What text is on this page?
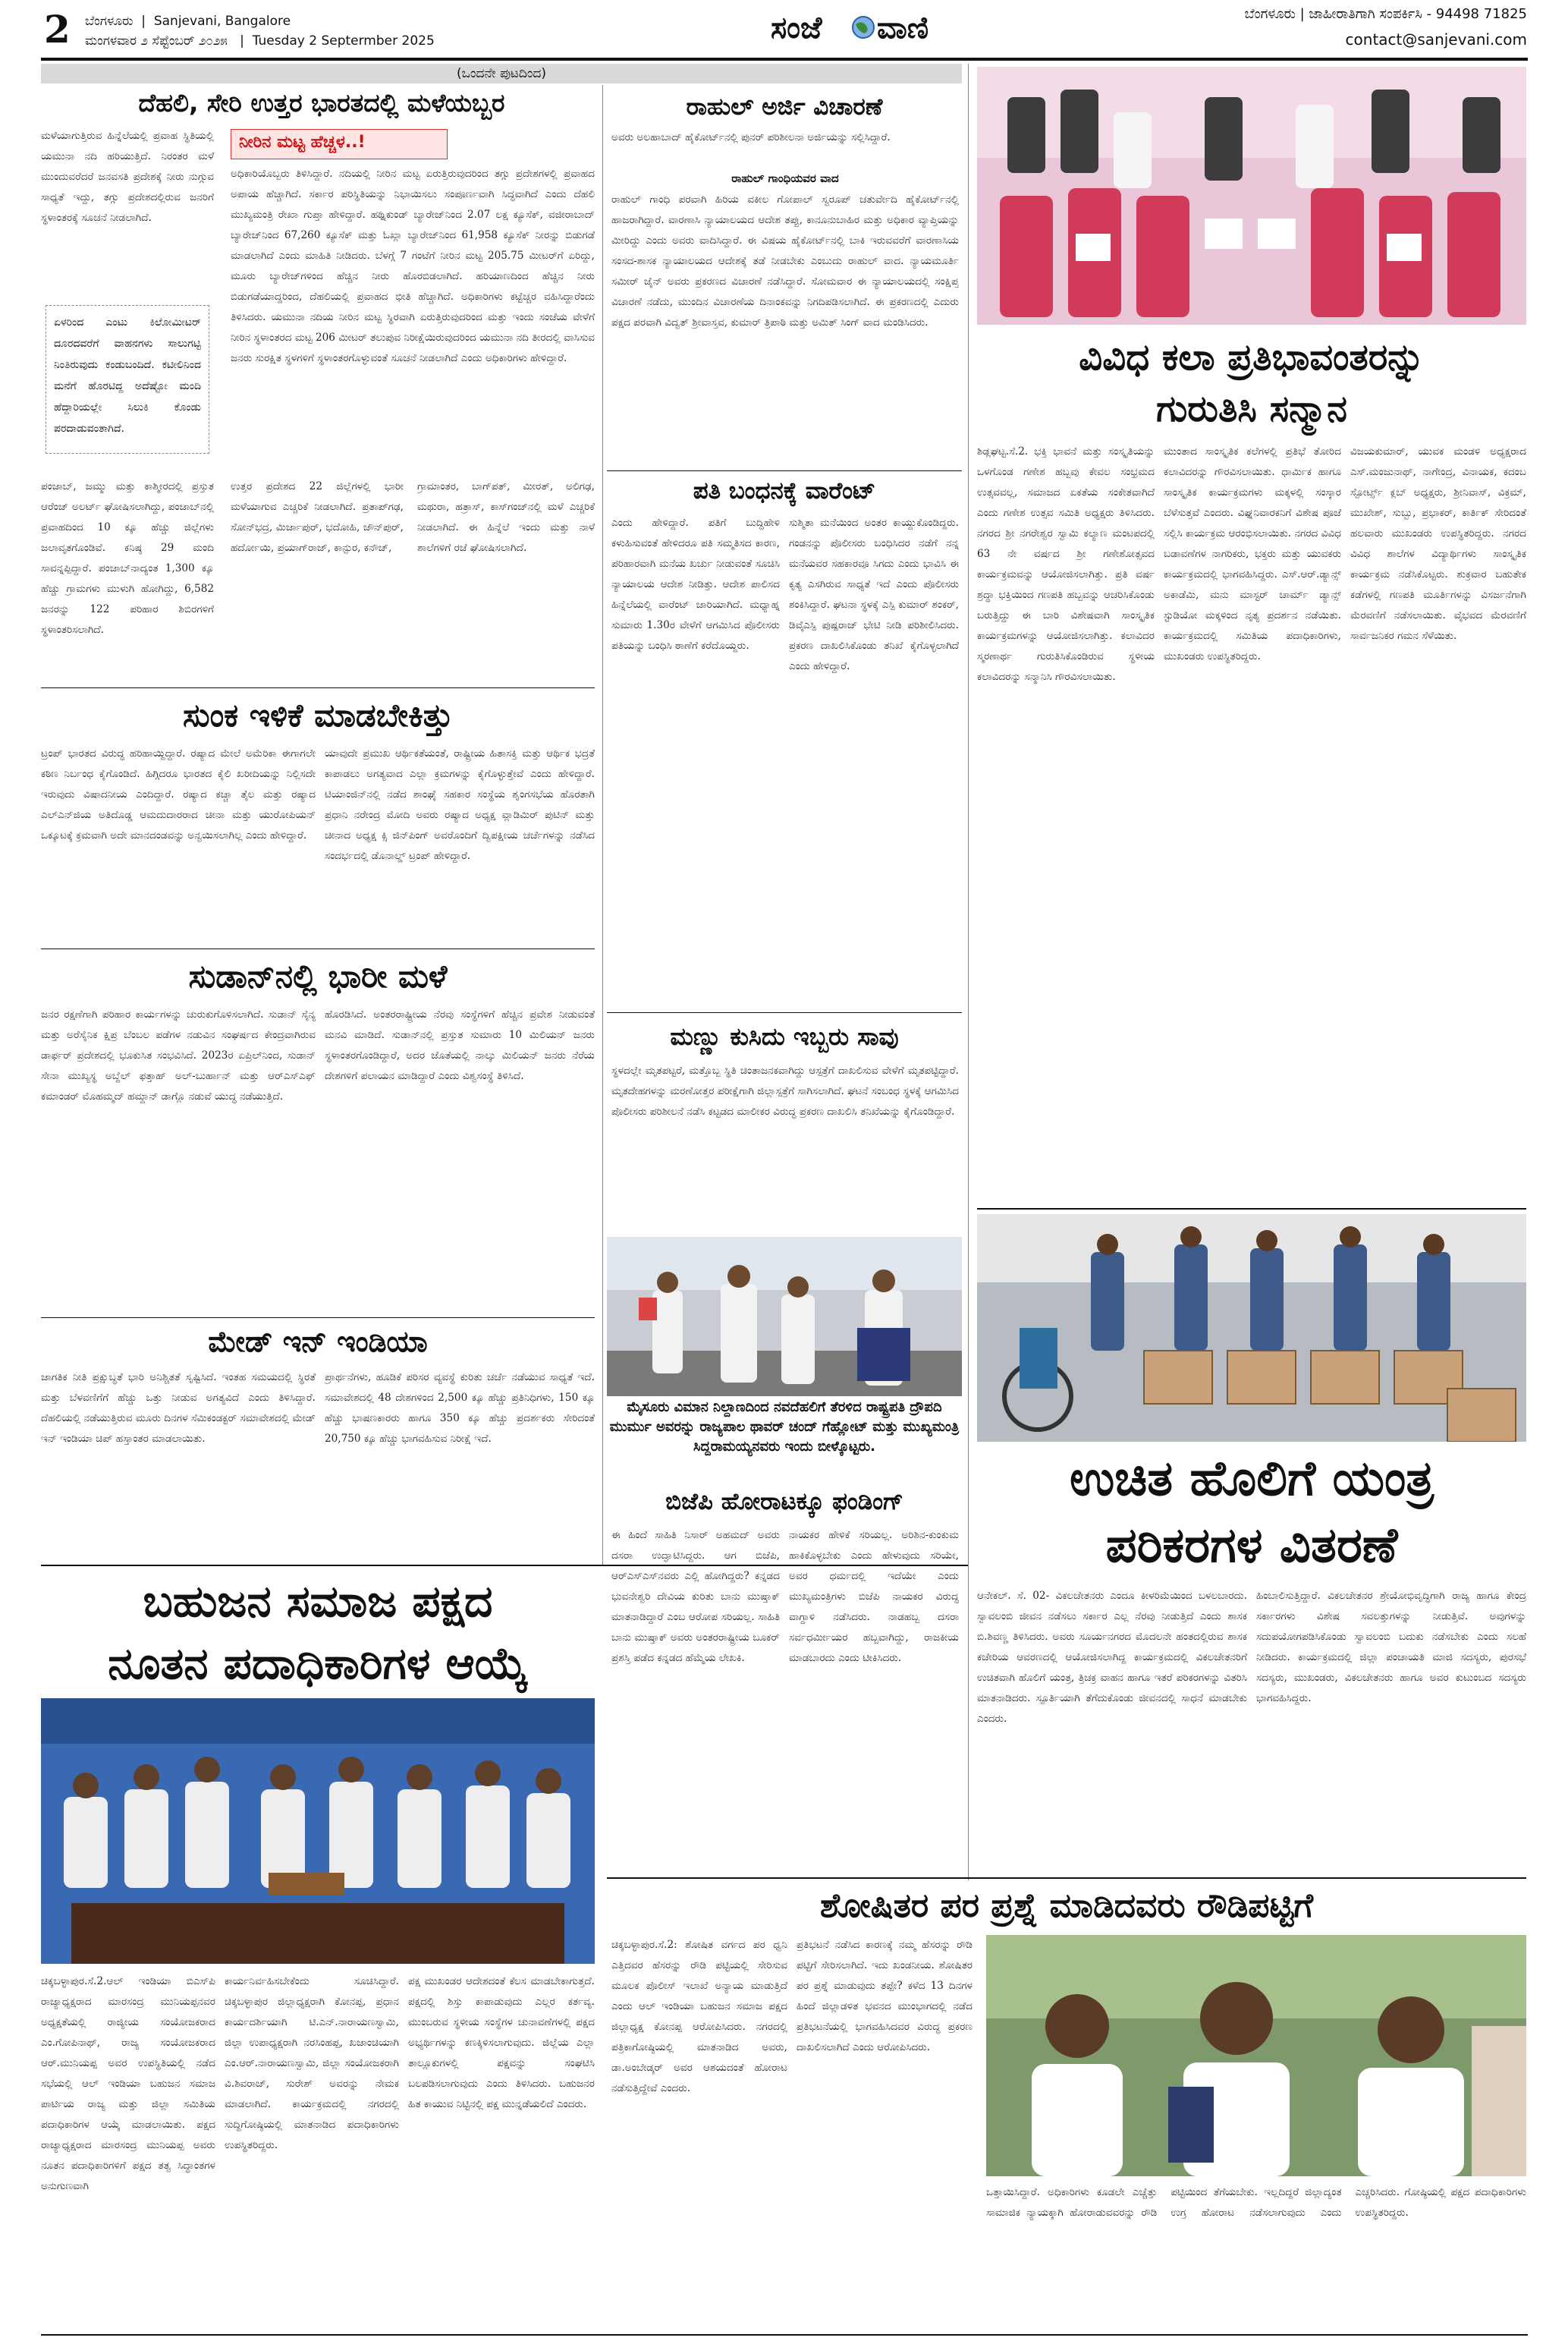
2 ಬೆಂಗಳೂರು  |  Sanjevani, Bangalore
ಮಂಗಳವಾರ ೨ ಸೆಪ್ಟೆಂಬರ್ ೨೦೨೫   |  Tuesday 2 Septermber 2025	ಸಂಜೆ ವಾಣಿ	ಬೆಂಗಳೂರು | ಜಾಹೀರಾತಿಗಾಗಿ ಸಂಪರ್ಕಿಸಿ - 94498 71825
contact@sanjevani.com
(ಒಂದನೇ ಪುಟದಿಂದ)
ದೆಹಲಿ, ಸೇರಿ ಉತ್ತರ ಭಾರತದಲ್ಲಿ ಮಳೆಯಬ್ಬರ
ಮಳೆಯಾಗುತ್ತಿರುವ ಹಿನ್ನೆಲೆಯಲ್ಲಿ ಪ್ರವಾಹ ಸ್ಥಿತಿಯಲ್ಲಿ ಯಮುನಾ ನದಿ ಹರಿಯುತ್ತಿದೆ. ನಿರಂತರ ಮಳೆ ಮುಂದುವರೆದರೆ ಜನವಸತಿ ಪ್ರದೇಶಕ್ಕೆ ನೀರು ನುಗ್ಗುವ ಸಾಧ್ಯತೆ ಇದ್ದು, ತಗ್ಗು ಪ್ರದೇಶದಲ್ಲಿರುವ ಜನರಿಗೆ ಸ್ಥಳಾಂತರಕ್ಕೆ ಸೂಚನೆ ನೀಡಲಾಗಿದೆ.
ಏಳರಿಂದ ಎಂಟು ಕಿಲೋಮೀಟರ್ ದೂರದವರೆಗೆ ವಾಹನಗಳು ಸಾಲುಗಟ್ಟಿ ನಿಂತಿರುವುದು ಕಂಡುಬಂದಿದೆ. ಕಟೀಲಿನಿಂದ ಮನೆಗೆ ಹೊರಟಿದ್ದ ಅದೆಷ್ಟೋ ಮಂದಿ ಹೆದ್ದಾರಿಯಲ್ಲೇ ಸಿಲುಕಿ ಕೊಂಡು ಪರದಾಡುವಂತಾಗಿದೆ.
ನೀರಿನ ಮಟ್ಟ ಹೆಚ್ಚಳ..!
ಅಧಿಕಾರಿಯೊಬ್ಬರು ತಿಳಿಸಿದ್ದಾರೆ. ನದಿಯಲ್ಲಿ ನೀರಿನ ಮಟ್ಟ ಏರುತ್ತಿರುವುದರಿಂದ ತಗ್ಗು ಪ್ರದೇಶಗಳಲ್ಲಿ ಪ್ರವಾಹದ ಅಪಾಯ ಹೆಚ್ಚಾಗಿದೆ. ಸರ್ಕಾರ ಪರಿಸ್ಥಿತಿಯನ್ನು ನಿಭಾಯಿಸಲು ಸಂಪೂರ್ಣವಾಗಿ ಸಿದ್ಧವಾಗಿದೆ ಎಂದು ದೆಹಲಿ ಮುಖ್ಯಮಂತ್ರಿ ರೇಖಾ ಗುಪ್ತಾ ಹೇಳಿದ್ದಾರೆ. ಹಥ್ನಿಕುಂಡ್ ಬ್ಯಾರೇಜ್‌ನಿಂದ 2.07 ಲಕ್ಷ ಕ್ಯೂಸೆಕ್, ವಜೀರಾಬಾದ್ ಬ್ಯಾರೇಜ್‌ನಿಂದ 67,260 ಕ್ಯೂಸೆಕ್ ಮತ್ತು ಓಖ್ಲಾ ಬ್ಯಾರೇಜ್‌ನಿಂದ 61,958 ಕ್ಯೂಸೆಕ್ ನೀರನ್ನು ಬಿಡುಗಡೆ ಮಾಡಲಾಗಿದೆ ಎಂದು ಮಾಹಿತಿ ನೀಡಿದರು. ಬೆಳಗ್ಗೆ 7 ಗಂಟೆಗೆ ನೀರಿನ ಮಟ್ಟ 205.75 ಮೀಟರ್‌ಗೆ ಏರಿದ್ದು, ಮೂರು ಬ್ಯಾರೇಜ್‌ಗಳಿಂದ ಹೆಚ್ಚಿನ ನೀರು ಹೊರಬಿಡಲಾಗಿದೆ. ಹರಿಯಾಣದಿಂದ ಹೆಚ್ಚಿನ ನೀರು ಬಿಡುಗಡೆಯಾದ್ದರಿಂದ, ದೆಹಲಿಯಲ್ಲಿ ಪ್ರವಾಹದ ಭೀತಿ ಹೆಚ್ಚಾಗಿದೆ. ಅಧಿಕಾರಿಗಳು ಕಟ್ಟೆಚ್ಚರ ವಹಿಸಿದ್ದಾರೆಂದು ತಿಳಿಸಿದರು. ಯಮುನಾ ನದಿಯ ನೀರಿನ ಮಟ್ಟ ಸ್ಥಿರವಾಗಿ ಏರುತ್ತಿರುವುದರಿಂದ ಮತ್ತು ಇಂದು ಸಂಜೆಯ ವೇಳೆಗೆ ನೀರಿನ ಸ್ಥಳಾಂತರದ ಮಟ್ಟ 206 ಮೀಟರ್ ತಲುಪುವ ನಿರೀಕ್ಷೆಯಿರುವುದರಿಂದ ಯಮುನಾ ನದಿ ತೀರದಲ್ಲಿ ವಾಸಿಸುವ ಜನರು ಸುರಕ್ಷಿತ ಸ್ಥಳಗಳಿಗೆ ಸ್ಥಳಾಂತರಗೊಳ್ಳುವಂತೆ ಸೂಚನೆ ನೀಡಲಾಗಿದೆ ಎಂದು ಅಧಿಕಾರಿಗಳು ಹೇಳಿದ್ದಾರೆ.
ಪಂಜಾಬ್, ಜಮ್ಮು ಮತ್ತು ಕಾಶ್ಮೀರದಲ್ಲಿ ಪ್ರಸ್ತುತ ಆರೆಂಜ್ ಅಲರ್ಟ್ ಘೋಷಿಸಲಾಗಿದ್ದು, ಪಂಜಾಬ್‌ನಲ್ಲಿ ಪ್ರವಾಹದಿಂದ 10 ಕ್ಕೂ ಹೆಚ್ಚು ಜಿಲ್ಲೆಗಳು ಜಲಾವೃತಗೊಂಡಿವೆ. ಕನಿಷ್ಠ 29 ಮಂದಿ ಸಾವನ್ನಪ್ಪಿದ್ದಾರೆ. ಪಂಜಾಬ್‌ನಾದ್ಯಂತ 1,300 ಕ್ಕೂ ಹೆಚ್ಚು ಗ್ರಾಮಗಳು ಮುಳುಗಿ ಹೋಗಿದ್ದು, 6,582 ಜನರನ್ನು 122 ಪರಿಹಾರ ಶಿಬಿರಗಳಿಗೆ ಸ್ಥಳಾಂತರಿಸಲಾಗಿದೆ.
ಉತ್ತರ ಪ್ರದೇಶದ 22 ಜಿಲ್ಲೆಗಳಲ್ಲಿ ಭಾರೀ ಮಳೆಯಾಗುವ ಎಚ್ಚರಿಕೆ ನೀಡಲಾಗಿದೆ. ಪ್ರತಾಪ್‌ಗಢ, ಸೋನ್‌ಭದ್ರ, ಮಿರ್ಜಾಪುರ್, ಭದೋಹಿ, ಜೌನ್‌ಪುರ್, ಹರ್ದೋಯಿ, ಪ್ರಯಾಗ್‌ರಾಜ್, ಕಾನ್ಪುರ, ಕನೌಜ್,
ಗ್ರಾಮಾಂತರ, ಬಾಗ್‌ಪತ್, ಮೀರತ್, ಅಲಿಗಢ, ಮಥುರಾ, ಹತ್ರಾಸ್, ಕಾಸ್‌ಗಂಜ್‌ನಲ್ಲಿ ಮಳೆ ಎಚ್ಚರಿಕೆ ನೀಡಲಾಗಿದೆ. ಈ ಹಿನ್ನೆಲೆ ಇಂದು ಮತ್ತು ನಾಳೆ ಶಾಲೆಗಳಿಗೆ ರಜೆ ಘೋಷಿಸಲಾಗಿದೆ.
ರಾಹುಲ್ ಅರ್ಜಿ ವಿಚಾರಣೆ
ಅವರು ಅಲಹಾಬಾದ್ ಹೈಕೋರ್ಟ್‌ನಲ್ಲಿ ಪುನರ್ ಪರಿಶೀಲನಾ ಅರ್ಜಿಯನ್ನು ಸಲ್ಲಿಸಿದ್ದಾರೆ.
ರಾಹುಲ್ ಗಾಂಧಿಯವರ ವಾದ
ರಾಹುಲ್ ಗಾಂಧಿ ಪರವಾಗಿ ಹಿರಿಯ ವಕೀಲ ಗೋಪಾಲ್ ಸ್ವರೂಪ್ ಚತುರ್ವೇದಿ ಹೈಕೋರ್ಟ್‌ನಲ್ಲಿ ಹಾಜರಾಗಿದ್ದಾರೆ. ವಾರಣಾಸಿ ನ್ಯಾಯಾಲಯದ ಆದೇಶ ತಪ್ಪು, ಕಾನೂನುಬಾಹಿರ ಮತ್ತು ಅಧಿಕಾರ ವ್ಯಾಪ್ತಿಯನ್ನು ಮೀರಿದ್ದು ಎಂದು ಅವರು ವಾದಿಸಿದ್ದಾರೆ. ಈ ವಿಷಯ ಹೈಕೋರ್ಟ್‌ನಲ್ಲಿ ಬಾಕಿ ಇರುವವರೆಗೆ ವಾರಣಾಸಿಯ ಸಂಸದ-ಶಾಸಕ ನ್ಯಾಯಾಲಯದ ಆದೇಶಕ್ಕೆ ತಡೆ ನೀಡಬೇಕು ಎಂಬುದು ರಾಹುಲ್ ವಾದ. ನ್ಯಾಯಮೂರ್ತಿ ಸಮೀರ್ ಜೈನ್ ಅವರು ಪ್ರಕರಣದ ವಿಚಾರಣೆ ನಡೆಸಿದ್ದಾರೆ. ಸೋಮವಾರ ಈ ನ್ಯಾಯಾಲಯದಲ್ಲಿ ಸಂಕ್ಷಿಪ್ತ ವಿಚಾರಣೆ ನಡೆದು, ಮುಂದಿನ ವಿಚಾರಣೆಯ ದಿನಾಂಕವನ್ನು ನಿಗದಿಪಡಿಸಲಾಗಿದೆ. ಈ ಪ್ರಕರಣದಲ್ಲಿ ಎದುರು ಪಕ್ಷದ ಪರವಾಗಿ ವಿದ್ವತ್ ಶ್ರೀವಾಸ್ತವ, ಕುಮಾರ್ ತ್ರಿಪಾಠಿ ಮತ್ತು ಅಮಿತ್ ಸಿಂಗ್ ವಾದ ಮಂಡಿಸಿದರು.
ಪತಿ ಬಂಧನಕ್ಕೆ ವಾರೆಂಟ್
ಎಂದು ಹೇಳಿದ್ದಾರೆ. ಪತಿಗೆ ಬುದ್ಧಿಹೇಳಿ ಕಳುಹಿಸುವಂತೆ ಹೇಳಿದರೂ ಪತಿ ಸಮ್ಮತಿಸದ ಕಾರಣ, ಪರಿಹಾರವಾಗಿ ಮನೆಯ ಖರ್ಚು ನೀಡುವಂತೆ ಸೂಚಿಸಿ ನ್ಯಾಯಾಲಯ ಆದೇಶ ನೀಡಿತ್ತು. ಆದೇಶ ಪಾಲಿಸದ ಹಿನ್ನೆಲೆಯಲ್ಲಿ ವಾರೆಂಟ್ ಜಾರಿಯಾಗಿದೆ. ಮಧ್ಯಾಹ್ನ ಸುಮಾರು 1.30ರ ವೇಳೆಗೆ ಆಗಮಿಸಿದ ಪೊಲೀಸರು ಪತಿಯನ್ನು ಬಂಧಿಸಿ ಠಾಣೆಗೆ ಕರೆದೊಯ್ದರು.
ಸುಶ್ಮಿತಾ ಮನೆಯಿಂದ ಅಂತರ ಕಾಯ್ದುಕೊಂಡಿದ್ದರು. ಗಂಡನನ್ನು ಪೊಲೀಸರು ಬಂಧಿಸಿದರ ನಡೆಗೆ ನನ್ನ ಮನೆಯವರ ಸಹಕಾರವೂ ಸಿಗದು ಎಂದು ಭಾವಿಸಿ ಈ ಕೃತ್ಯ ಎಸಗಿರುವ ಸಾಧ್ಯತೆ ಇದೆ ಎಂದು ಪೊಲೀಸರು ಶಂಕಿಸಿದ್ದಾರೆ. ಘಟನಾ ಸ್ಥಳಕ್ಕೆ ಎಸ್ಪಿ ಕುಮಾರ್ ಶಂಕರ್, ಡಿವೈಎಸ್ಪಿ ಪುಷ್ಪರಾಜ್ ಭೇಟಿ ನೀಡಿ ಪರಿಶೀಲಿಸಿದರು. ಪ್ರಕರಣ ದಾಖಲಿಸಿಕೊಂಡು ತನಿಖೆ ಕೈಗೊಳ್ಳಲಾಗಿದೆ ಎಂದು ಹೇಳಿದ್ದಾರೆ.
ಸುಂಕ ಇಳಿಕೆ ಮಾಡಬೇಕಿತ್ತು
ಟ್ರಂಪ್ ಭಾರತದ ವಿರುದ್ಧ ಹರಿಹಾಯ್ದಿದ್ದಾರೆ. ರಷ್ಯಾದ ಮೇಲೆ ಅಮೆರಿಕಾ ಈಗಾಗಲೇ ಕಠಿಣ ನಿರ್ಬಂಧ ಕೈಗೊಂಡಿದೆ. ಹಿಗ್ಗಿದರೂ ಭಾರತದ ಕೈಲಿ ಖರೀದಿಯನ್ನು ನಿಲ್ಲಿಸದೇ ಇರುವುದು ವಿಷಾದನೀಯ ಎಂದಿದ್ದಾರೆ. ರಷ್ಯಾದ ಕಚ್ಚಾ ತೈಲ ಮತ್ತು ರಷ್ಯಾದ ಎಲ್‌ಎನ್‌ಜಿಯ ಅತಿದೊಡ್ಡ ಆಮದುದಾರರಾದ ಚೀನಾ ಮತ್ತು ಯುರೋಪಿಯನ್ ಒಕ್ಕೂಟಕ್ಕೆ ಕ್ರಮವಾಗಿ ಅದೇ ಮಾನದಂಡವನ್ನು ಅನ್ವಯಿಸಲಾಗಿಲ್ಲ ಎಂದು ಹೇಳಿದ್ದಾರೆ.
ಯಾವುದೇ ಪ್ರಮುಖ ಆರ್ಥಿಕತೆಯಂತೆ, ರಾಷ್ಟ್ರೀಯ ಹಿತಾಸಕ್ತಿ ಮತ್ತು ಆರ್ಥಿಕ ಭದ್ರತೆ ಕಾಪಾಡಲು ಅಗತ್ಯವಾದ ಎಲ್ಲಾ ಕ್ರಮಗಳನ್ನು ಕೈಗೊಳ್ಳುತ್ತೇವೆ ಎಂದು ಹೇಳಿದ್ದಾರೆ. ಟಿಯಾಂಜಿನ್‌ನಲ್ಲಿ ನಡೆದ ಶಾಂಘೈ ಸಹಕಾರ ಸಂಸ್ಥೆಯ ಶೃಂಗಸಭೆಯ ಹೊರತಾಗಿ ಪ್ರಧಾನಿ ನರೇಂದ್ರ ಮೋದಿ ಅವರು ರಷ್ಯಾದ ಅಧ್ಯಕ್ಷ ವ್ಲಾಡಿಮಿರ್ ಪುಟಿನ್ ಮತ್ತು ಚೀನಾದ ಅಧ್ಯಕ್ಷ ಕ್ಸಿ ಜಿನ್‌ಪಿಂಗ್ ಅವರೊಂದಿಗೆ ದ್ವಿಪಕ್ಷೀಯ ಚರ್ಚೆಗಳನ್ನು ನಡೆಸಿದ ಸಂದರ್ಭದಲ್ಲಿ ಡೊನಾಲ್ಡ್ ಟ್ರಂಪ್ ಹೇಳಿದ್ದಾರೆ.
ಸುಡಾನ್‌ನಲ್ಲಿ ಭಾರೀ ಮಳೆ
ಜನರ ರಕ್ಷಣೆಗಾಗಿ ಪರಿಹಾರ ಕಾರ್ಯಗಳನ್ನು ಚುರುಕುಗೊಳಿಸಲಾಗಿದೆ. ಸುಡಾನ್ ಸೈನ್ಯ ಮತ್ತು ಅರೆಸೈನಿಕ ಕ್ಷಿಪ್ರ ಬೆಂಬಲ ಪಡೆಗಳ ನಡುವಿನ ಸಂಘರ್ಷದ ಕೇಂದ್ರವಾಗಿರುವ ಡಾರ್ಫರ್ ಪ್ರದೇಶದಲ್ಲಿ ಭೂಕುಸಿತ ಸಂಭವಿಸಿದೆ. 2023ರ ಏಪ್ರಿಲ್‌ನಿಂದ, ಸುಡಾನ್ ಸೇನಾ ಮುಖ್ಯಸ್ಥ ಅಬ್ದೆಲ್ ಫತ್ತಾಹ್ ಅಲ್-ಬುರ್ಹಾನ್ ಮತ್ತು ಆರ್‌ಎಸ್‌ಎಫ್ ಕಮಾಂಡರ್ ಮೊಹಮ್ಮದ್ ಹಮ್ದಾನ್ ಡಾಗ್ಲೊ ನಡುವೆ ಯುದ್ಧ ನಡೆಯುತ್ತಿದೆ.
ಹೊರಡಿಸಿದೆ. ಅಂತರರಾಷ್ಟ್ರೀಯ ನೆರವು ಸಂಸ್ಥೆಗಳಿಗೆ ಹೆಚ್ಚಿನ ಪ್ರವೇಶ ನೀಡುವಂತೆ ಮನವಿ ಮಾಡಿದೆ. ಸುಡಾನ್‌ನಲ್ಲಿ ಪ್ರಸ್ತುತ ಸುಮಾರು 10 ಮಿಲಿಯನ್ ಜನರು ಸ್ಥಳಾಂತರಗೊಂಡಿದ್ದಾರೆ, ಅದರ ಜೊತೆಯಲ್ಲಿ ನಾಲ್ಕು ಮಿಲಿಯನ್ ಜನರು ನೆರೆಯ ದೇಶಗಳಿಗೆ ಪಲಾಯನ ಮಾಡಿದ್ದಾರೆ ಎಂದು ವಿಶ್ವಸಂಸ್ಥೆ ತಿಳಿಸಿದೆ.
ಮೇಡ್ ಇನ್ ಇಂಡಿಯಾ
ಜಾಗತಿಕ ನೀತಿ ಪ್ರಕ್ಷುಬ್ಧತೆ ಭಾರಿ ಅನಿಶ್ಚಿತತೆ ಸೃಷ್ಟಿಸಿದೆ. ಇಂತಹ ಸಮಯದಲ್ಲಿ ಸ್ಥಿರತೆ ಮತ್ತು ಬೆಳವಣಿಗೆಗೆ ಹೆಚ್ಚು ಒತ್ತು ನೀಡುವ ಅಗತ್ಯವಿದೆ ಎಂದು ತಿಳಿಸಿದ್ದಾರೆ. ದೆಹಲಿಯಲ್ಲಿ ನಡೆಯುತ್ತಿರುವ ಮೂರು ದಿನಗಳ ಸೆಮಿಕಂಡಕ್ಟರ್ ಸಮಾವೇಶದಲ್ಲಿ ಮೇಡ್ ಇನ್ ಇಂಡಿಯಾ ಚಿಪ್ ಹಸ್ತಾಂತರ ಮಾಡಲಾಯಿತು.
ಪ್ರಾರ್ಥನೆಗಳು, ಹೂಡಿಕೆ ಪರಿಸರ ವ್ಯವಸ್ಥೆ ಕುರಿತು ಚರ್ಚೆ ನಡೆಯುವ ಸಾಧ್ಯತೆ ಇದೆ. ಸಮಾವೇಶದಲ್ಲಿ 48 ದೇಶಗಳಿಂದ 2,500 ಕ್ಕೂ ಹೆಚ್ಚು ಪ್ರತಿನಿಧಿಗಳು, 150 ಕ್ಕೂ ಹೆಚ್ಚು ಭಾಷಣಕಾರರು ಹಾಗೂ 350 ಕ್ಕೂ ಹೆಚ್ಚು ಪ್ರದರ್ಶಕರು ಸೇರಿದಂತೆ 20,750 ಕ್ಕೂ ಹೆಚ್ಚು ಭಾಗವಹಿಸುವ ನಿರೀಕ್ಷೆ ಇದೆ.
ಮಣ್ಣು ಕುಸಿದು ಇಬ್ಬರು ಸಾವು
ಸ್ಥಳದಲ್ಲೇ ಮೃತಪಟ್ಟರೆ, ಮತ್ತೊಬ್ಬ ಸ್ಥಿತಿ ಚಿಂತಾಜನಕವಾಗಿದ್ದು ಆಸ್ಪತ್ರೆಗೆ ದಾಖಲಿಸುವ ವೇಳೆಗೆ ಮೃತಪಟ್ಟಿದ್ದಾರೆ. ಮೃತದೇಹಗಳನ್ನು ಮರಣೋತ್ತರ ಪರೀಕ್ಷೆಗಾಗಿ ಜಿಲ್ಲಾಸ್ಪತ್ರೆಗೆ ಸಾಗಿಸಲಾಗಿದೆ. ಘಟನೆ ಸಂಬಂಧ ಸ್ಥಳಕ್ಕೆ ಆಗಮಿಸಿದ ಪೊಲೀಸರು ಪರಿಶೀಲನೆ ನಡೆಸಿ ಕಟ್ಟಡದ ಮಾಲೀಕರ ವಿರುದ್ಧ ಪ್ರಕರಣ ದಾಖಲಿಸಿ ತನಿಖೆಯನ್ನು ಕೈಗೊಂಡಿದ್ದಾರೆ.
ಮೈಸೂರು ವಿಮಾನ ನಿಲ್ದಾಣದಿಂದ ನವದೆಹಲಿಗೆ ತೆರಳಿದ ರಾಷ್ಟ್ರಪತಿ ದ್ರೌಪದಿ ಮುರ್ಮು ಅವರನ್ನು ರಾಜ್ಯಪಾಲ ಥಾವರ್ ಚಂದ್ ಗೆಹ್ಲೋಟ್ ಮತ್ತು ಮುಖ್ಯಮಂತ್ರಿ ಸಿದ್ದರಾಮಯ್ಯನವರು ಇಂದು ಬೀಳ್ಕೊಟ್ಟರು.
ಬಿಜೆಪಿ ಹೋರಾಟಕ್ಕೂ ಫಂಡಿಂಗ್
ಈ ಹಿಂದೆ ಸಾಹಿತಿ ನಿಸಾರ್ ಅಹಮದ್ ಅವರು ದಸರಾ ಉದ್ಘಾಟಿಸಿದ್ದರು. ಆಗ ಬಿಜೆಪಿ, ಆರ್‌ಎಸ್‌ಎಸ್‌ನವರು ಎಲ್ಲಿ ಹೋಗಿದ್ದರು? ಕನ್ನಡದ ಭುವನೇಶ್ವರಿ ದೇವಿಯ ಕುರಿತು ಬಾನು ಮುಷ್ತಾಕ್ ಮಾತನಾಡಿದ್ದಾರೆ ಎಂಬ ಆರೋಪ ಸರಿಯಲ್ಲ. ಸಾಹಿತಿ ಬಾನು ಮುಷ್ತಾಕ್ ಅವರು ಅಂತರರಾಷ್ಟ್ರೀಯ ಬೂಕರ್ ಪ್ರಶಸ್ತಿ ಪಡೆದ ಕನ್ನಡದ ಹೆಮ್ಮೆಯ ಲೇಖಕಿ.
ನಾಯಕರ ಹೇಳಿಕೆ ಸರಿಯಲ್ಲ. ಅರಿಶಿನ-ಕುಂಕುಮ ಹಾಕಿಕೊಳ್ಳಬೇಕು ಎಂದು ಹೇಳುವುದು ಸರಿಯೇ, ಅವರ ಧರ್ಮದಲ್ಲಿ ಇದೆಯೇ ಎಂದು ಮುಖ್ಯಮಂತ್ರಿಗಳು ಬಿಜೆಪಿ ನಾಯಕರ ವಿರುದ್ಧ ವಾಗ್ದಾಳಿ ನಡೆಸಿದರು. ನಾಡಹಬ್ಬ ದಸರಾ ಸರ್ವಧರ್ಮೀಯರ ಹಬ್ಬವಾಗಿದ್ದು, ರಾಜಕೀಯ ಮಾಡಬಾರದು ಎಂದು ಟೀಕಿಸಿದರು.
ಬಹುಜನ ಸಮಾಜ ಪಕ್ಷದ
ನೂತನ ಪದಾಧಿಕಾರಿಗಳ ಆಯ್ಕೆ
ಚಿಕ್ಕಬಳ್ಳಾಪುರ.ಸೆ.2.ಆಲ್ ಇಂಡಿಯಾ ಬಿಎಸ್‌ಪಿ ರಾಜ್ಯಾಧ್ಯಕ್ಷರಾದ ಮಾರಸಂದ್ರ ಮುನಿಯಪ್ಪನವರ ಅಧ್ಯಕ್ಷತೆಯಲ್ಲಿ ರಾಜ್ಯೀಯ ಸಂಯೋಜಕರಾದ ಎಂ.ಗೋಪಿನಾಥ್, ರಾಜ್ಯ ಸಂಯೋಜಕರಾದ ಆರ್.ಮುನಿಯಪ್ಪ ಅವರ ಉಪಸ್ಥಿತಿಯಲ್ಲಿ ನಡೆದ ಸಭೆಯಲ್ಲಿ ಆಲ್ ಇಂಡಿಯಾ ಬಹುಜನ ಸಮಾಜ ಪಾರ್ಟಿಯ ರಾಜ್ಯ ಮತ್ತು ಜಿಲ್ಲಾ ಸಮಿತಿಯ ಪದಾಧಿಕಾರಿಗಳ ಆಯ್ಕೆ ಮಾಡಲಾಯಿತು. ಪಕ್ಷದ ರಾಜ್ಯಾಧ್ಯಕ್ಷರಾದ ಮಾರಸಂದ್ರ ಮುನಿಯಪ್ಪ ಅವರು ನೂತನ ಪದಾಧಿಕಾರಿಗಳಿಗೆ ಪಕ್ಷದ ತತ್ವ ಸಿದ್ಧಾಂತಗಳ ಅನುಗುಣವಾಗಿ
ಕಾರ್ಯನಿರ್ವಹಿಸಬೇಕೆಂದು ಸೂಚಿಸಿದ್ದಾರೆ. ಚಿಕ್ಕಬಳ್ಳಾಪುರ ಜಿಲ್ಲಾಧ್ಯಕ್ಷರಾಗಿ ಕೋನಪ್ಪ, ಪ್ರಧಾನ ಕಾರ್ಯದರ್ಶಿಯಾಗಿ ಟಿ.ಎನ್.ನಾರಾಯಣಸ್ವಾಮಿ, ಜಿಲ್ಲಾ ಉಪಾಧ್ಯಕ್ಷರಾಗಿ ನರಸಿಂಹಪ್ಪ, ಖಜಾಂಚಿಯಾಗಿ ಎಂ.ಆರ್.ನಾರಾಯಣಸ್ವಾಮಿ, ಜಿಲ್ಲಾ ಸಂಯೋಜಕರಾಗಿ ವಿ.ಶಿವರಾಜ್, ಸುರೇಶ್ ಅವರನ್ನು ನೇಮಕ ಮಾಡಲಾಗಿದೆ. ಕಾರ್ಯಕ್ರಮದಲ್ಲಿ ನಗರದಲ್ಲಿ ಸುದ್ದಿಗೋಷ್ಠಿಯಲ್ಲಿ ಮಾತನಾಡಿದ ಪದಾಧಿಕಾರಿಗಳು ಉಪಸ್ಥಿತರಿದ್ದರು.
ಪಕ್ಷ ಮುಖಂಡರ ಆದೇಶದಂತೆ ಕೆಲಸ ಮಾಡಬೇಕಾಗುತ್ತದೆ. ಪಕ್ಷದಲ್ಲಿ ಶಿಸ್ತು ಕಾಪಾಡುವುದು ಎಲ್ಲರ ಕರ್ತವ್ಯ. ಮುಂಬರುವ ಸ್ಥಳೀಯ ಸಂಸ್ಥೆಗಳ ಚುನಾವಣೆಗಳಲ್ಲಿ ಪಕ್ಷದ ಅಭ್ಯರ್ಥಿಗಳನ್ನು ಕಣಕ್ಕಿಳಿಸಲಾಗುವುದು. ಜಿಲ್ಲೆಯ ಎಲ್ಲಾ ತಾಲ್ಲೂಕುಗಳಲ್ಲಿ ಪಕ್ಷವನ್ನು ಸಂಘಟಿಸಿ ಬಲಪಡಿಸಲಾಗುವುದು ಎಂದು ತಿಳಿಸಿದರು. ಬಹುಜನರ ಹಿತ ಕಾಯುವ ನಿಟ್ಟಿನಲ್ಲಿ ಪಕ್ಷ ಮುನ್ನಡೆಯಲಿದೆ ಎಂದರು.
ವಿವಿಧ ಕಲಾ ಪ್ರತಿಭಾವಂತರನ್ನು
ಗುರುತಿಸಿ ಸನ್ಮಾನ
ಶಿಡ್ಲಘಟ್ಟ.ಸೆ.2. ಭಕ್ತಿ ಭಾವನೆ ಮತ್ತು ಸಂಸ್ಕೃತಿಯನ್ನು ಒಳಗೊಂಡ ಗಣೇಶ ಹಬ್ಬವು ಕೇವಲ ಸಂಭ್ರಮದ ಉತ್ಸವವಲ್ಲ, ಸಮಾಜದ ಏಕತೆಯ ಸಂಕೇತವಾಗಿದೆ ಎಂದು ಗಣೇಶ ಉತ್ಸವ ಸಮಿತಿ ಅಧ್ಯಕ್ಷರು ತಿಳಿಸಿದರು. ನಗರದ ಶ್ರೀ ನಗರೇಶ್ವರ ಸ್ವಾಮಿ ಕಲ್ಯಾಣ ಮಂಟಪದಲ್ಲಿ 63 ನೇ ವರ್ಷದ ಶ್ರೀ ಗಣೇಶೋತ್ಸವದ ಕಾರ್ಯಕ್ರಮವನ್ನು ಆಯೋಜಿಸಲಾಗಿತ್ತು. ಪ್ರತಿ ವರ್ಷ ಶ್ರದ್ಧಾ ಭಕ್ತಿಯಿಂದ ಗಣಪತಿ ಹಬ್ಬವನ್ನು ಆಚರಿಸಿಕೊಂಡು ಬರುತ್ತಿದ್ದು ಈ ಬಾರಿ ವಿಶೇಷವಾಗಿ ಸಾಂಸ್ಕೃತಿಕ ಕಾರ್ಯಕ್ರಮಗಳನ್ನು ಆಯೋಜಿಸಲಾಗಿತ್ತು. ಕಲಾವಿದರ ಸ್ಮರಣಾರ್ಥ ಗುರುತಿಸಿಕೊಂಡಿರುವ ಸ್ಥಳೀಯ ಕಲಾವಿದರನ್ನು ಸನ್ಮಾನಿಸಿ ಗೌರವಿಸಲಾಯಿತು.
ಮುಂತಾದ ಸಾಂಸ್ಕೃತಿಕ ಕಲೆಗಳಲ್ಲಿ ಪ್ರತಿಭೆ ತೋರಿದ ಕಲಾವಿದರನ್ನು ಗೌರವಿಸಲಾಯಿತು. ಧಾರ್ಮಿಕ ಹಾಗೂ ಸಾಂಸ್ಕೃತಿಕ ಕಾರ್ಯಕ್ರಮಗಳು ಮಕ್ಕಳಲ್ಲಿ ಸಂಸ್ಕಾರ ಬೆಳೆಸುತ್ತವೆ ಎಂದರು. ವಿಘ್ನನಿವಾರಕನಿಗೆ ವಿಶೇಷ ಪೂಜೆ ಸಲ್ಲಿಸಿ ಕಾರ್ಯಕ್ರಮ ಆರಂಭಿಸಲಾಯಿತು. ನಗರದ ವಿವಿಧ ಬಡಾವಣೆಗಳ ನಾಗರಿಕರು, ಭಕ್ತರು ಮತ್ತು ಯುವಕರು ಕಾರ್ಯಕ್ರಮದಲ್ಲಿ ಭಾಗವಹಿಸಿದ್ದರು. ಎಸ್.ಆರ್.ಡ್ಯಾನ್ಸ್ ಅಕಾಡೆಮಿ, ಮನು ಮಾಸ್ಟರ್ ಚಾರ್ಮ್ ಡ್ಯಾನ್ಸ್ ಸ್ಟುಡಿಯೋ ಮಕ್ಕಳಿಂದ ನೃತ್ಯ ಪ್ರದರ್ಶನ ನಡೆಯಿತು. ಕಾರ್ಯಕ್ರಮದಲ್ಲಿ ಸಮಿತಿಯ ಪದಾಧಿಕಾರಿಗಳು, ಮುಖಂಡರು ಉಪಸ್ಥಿತರಿದ್ದರು.
ವಿಜಯಕುಮಾರ್, ಯುವಕ ಮಂಡಳಿ ಅಧ್ಯಕ್ಷರಾದ ಎಸ್.ಮಂಜುನಾಥ್, ನಾಗೇಂದ್ರ, ವಿನಾಯಕ, ಕದಂಬ ಸ್ಪೋರ್ಟ್ಸ್ ಕ್ಲಬ್ ಅಧ್ಯಕ್ಷರು, ಶ್ರೀನಿವಾಸ್, ವಿಕ್ರಮ್, ಮುಖೇಶ್, ಸುಬ್ಬು, ಪ್ರಭಾಕರ್, ಕಾರ್ತಿಕ್ ಸೇರಿದಂತೆ ಹಲವಾರು ಮುಖಂಡರು ಉಪಸ್ಥಿತರಿದ್ದರು. ನಗರದ ವಿವಿಧ ಶಾಲೆಗಳ ವಿದ್ಯಾರ್ಥಿಗಳು ಸಾಂಸ್ಕೃತಿಕ ಕಾರ್ಯಕ್ರಮ ನಡೆಸಿಕೊಟ್ಟರು. ಶುಕ್ರವಾರ ಬಹುತೇಕ ಕಡೆಗಳಲ್ಲಿ ಗಣಪತಿ ಮೂರ್ತಿಗಳನ್ನು ವಿಸರ್ಜನೆಗಾಗಿ ಮೆರವಣಿಗೆ ನಡೆಸಲಾಯಿತು. ವೈಭವದ ಮೆರವಣಿಗೆ ಸಾರ್ವಜನಿಕರ ಗಮನ ಸೆಳೆಯಿತು.
ಉಚಿತ ಹೊಲಿಗೆ ಯಂತ್ರ
ಪರಿಕರಗಳ ವಿತರಣೆ
ಆನೇಕಲ್. ಸೆ. 02- ವಿಕಲಚೇತನರು ಎಂದೂ ಕೀಳರಿಮೆಯಿಂದ ಬಳಲಬಾರದು. ಸ್ವಾವಲಂಬಿ ಜೀವನ ನಡೆಸಲು ಸರ್ಕಾರ ಎಲ್ಲ ನೆರವು ನೀಡುತ್ತಿದೆ ಎಂದು ಶಾಸಕ ಬಿ.ಶಿವಣ್ಣ ತಿಳಿಸಿದರು. ಅವರು ಸೂರ್ಯನಗರದ ಮೊದಲನೇ ಹಂತದಲ್ಲಿರುವ ಶಾಸಕ ಕಚೇರಿಯ ಆವರಣದಲ್ಲಿ ಆಯೋಜಿಸಲಾಗಿದ್ದ ಕಾರ್ಯಕ್ರಮದಲ್ಲಿ ವಿಕಲಚೇತನರಿಗೆ ಉಚಿತವಾಗಿ ಹೊಲಿಗೆ ಯಂತ್ರ, ತ್ರಿಚಕ್ರ ವಾಹನ ಹಾಗೂ ಇತರೆ ಪರಿಕರಗಳನ್ನು ವಿತರಿಸಿ ಮಾತನಾಡಿದರು. ಸ್ಪೂರ್ತಿಯಾಗಿ ತೆಗೆದುಕೊಂಡು ಜೀವನದಲ್ಲಿ ಸಾಧನೆ ಮಾಡಬೇಕು ಎಂದರು.
ಹಿಂಬಾಲಿಸುತ್ತಿದ್ದಾರೆ. ವಿಕಲಚೇತನರ ಶ್ರೇಯೋಭಿವೃದ್ಧಿಗಾಗಿ ರಾಜ್ಯ ಹಾಗೂ ಕೇಂದ್ರ ಸರ್ಕಾರಗಳು ವಿಶೇಷ ಸವಲತ್ತುಗಳನ್ನು ನೀಡುತ್ತಿವೆ. ಅವುಗಳನ್ನು ಸದುಪಯೋಗಪಡಿಸಿಕೊಂಡು ಸ್ವಾವಲಂಬಿ ಬದುಕು ನಡೆಸಬೇಕು ಎಂದು ಸಲಹೆ ನೀಡಿದರು. ಕಾರ್ಯಕ್ರಮದಲ್ಲಿ ಜಿಲ್ಲಾ ಪಂಚಾಯತಿ ಮಾಜಿ ಸದಸ್ಯರು, ಪುರಸಭೆ ಸದಸ್ಯರು, ಮುಖಂಡರು, ವಿಕಲಚೇತನರು ಹಾಗೂ ಅವರ ಕುಟುಂಬದ ಸದಸ್ಯರು ಭಾಗವಹಿಸಿದ್ದರು.
ಶೋಷಿತರ ಪರ ಪ್ರಶ್ನೆ ಮಾಡಿದವರು ರೌಡಿಪಟ್ಟಿಗೆ
ಚಿಕ್ಕಬಳ್ಳಾಪುರ.ಸೆ.2: ಶೋಷಿತ ವರ್ಗದ ಪರ ಧ್ವನಿ ಎತ್ತಿದವರ ಹೆಸರನ್ನು ರೌಡಿ ಪಟ್ಟಿಯಲ್ಲಿ ಸೇರಿಸುವ ಮೂಲಕ ಪೊಲೀಸ್ ಇಲಾಖೆ ಅನ್ಯಾಯ ಮಾಡುತ್ತಿದೆ ಎಂದು ಆಲ್ ಇಂಡಿಯಾ ಬಹುಜನ ಸಮಾಜ ಪಕ್ಷದ ಜಿಲ್ಲಾಧ್ಯಕ್ಷ ಕೋನಪ್ಪ ಆರೋಪಿಸಿದರು. ನಗರದಲ್ಲಿ ಪತ್ರಿಕಾಗೋಷ್ಠಿಯಲ್ಲಿ ಮಾತನಾಡಿದ ಅವರು, ಡಾ.ಅಂಬೇಡ್ಕರ್ ಅವರ ಆಶಯದಂತೆ ಹೋರಾಟ ನಡೆಸುತ್ತಿದ್ದೇವೆ ಎಂದರು.
ಪ್ರತಿಭಟನೆ ನಡೆಸಿದ ಕಾರಣಕ್ಕೆ ನಮ್ಮ ಹೆಸರನ್ನು ರೌಡಿ ಪಟ್ಟಿಗೆ ಸೇರಿಸಲಾಗಿದೆ. ಇದು ಖಂಡನೀಯ. ಶೋಷಿತರ ಪರ ಪ್ರಶ್ನೆ ಮಾಡುವುದು ತಪ್ಪೇ? ಕಳೆದ 13 ದಿನಗಳ ಹಿಂದೆ ಜಿಲ್ಲಾಡಳಿತ ಭವನದ ಮುಂಭಾಗದಲ್ಲಿ ನಡೆದ ಪ್ರತಿಭಟನೆಯಲ್ಲಿ ಭಾಗವಹಿಸಿದವರ ವಿರುದ್ಧ ಪ್ರಕರಣ ದಾಖಲಿಸಲಾಗಿದೆ ಎಂದು ಆರೋಪಿಸಿದರು.
ಒತ್ತಾಯಿಸಿದ್ದಾರೆ. ಅಧಿಕಾರಿಗಳು ಕೂಡಲೇ ಎಚ್ಚೆತ್ತು ಸಾಮಾಜಿಕ ನ್ಯಾಯಕ್ಕಾಗಿ ಹೋರಾಡುವವರನ್ನು ರೌಡಿ ಪಟ್ಟಿಯಿಂದ ತೆಗೆಯಬೇಕು. ಇಲ್ಲದಿದ್ದರೆ ಜಿಲ್ಲಾದ್ಯಂತ ಉಗ್ರ ಹೋರಾಟ ನಡೆಸಲಾಗುವುದು ಎಂದು ಎಚ್ಚರಿಸಿದರು. ಗೋಷ್ಠಿಯಲ್ಲಿ ಪಕ್ಷದ ಪದಾಧಿಕಾರಿಗಳು ಉಪಸ್ಥಿತರಿದ್ದರು.
